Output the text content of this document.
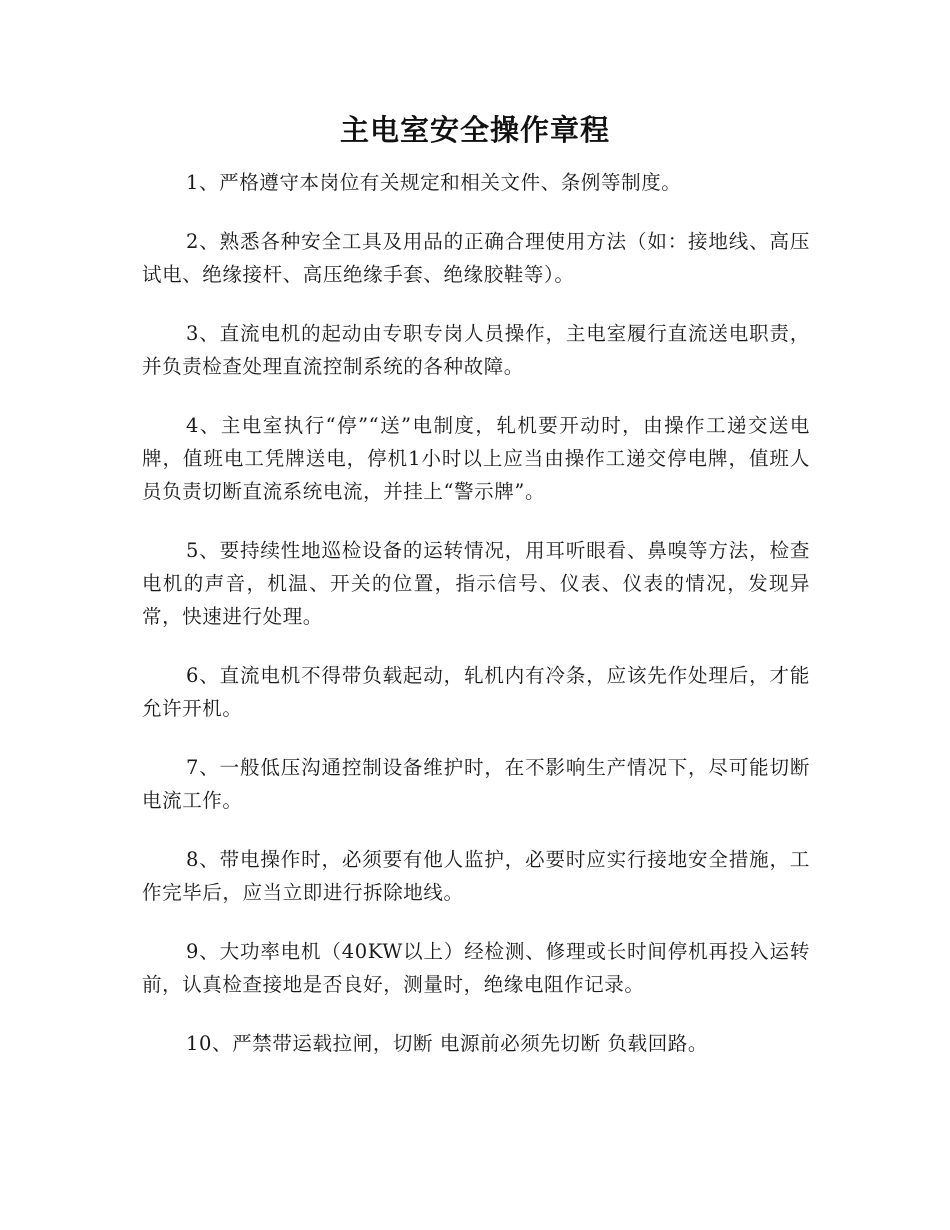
主电室安全操作章程

1、严格遵守本岗位有关规定和相关文件、条例等制度。

2、熟悉各种安全工具及用品的正确合理使用方法（如：接地线、高压试电、绝缘接杆、高压绝缘手套、绝缘胶鞋等）。

3、直流电机的起动由专职专岗人员操作，主电室履行直流送电职责，并负责检查处理直流控制系统的各种故障。

4、主电室执行“停”“送”电制度，轧机要开动时，由操作工递交送电牌，值班电工凭牌送电，停机1小时以上应当由操作工递交停电牌，值班人员负责切断直流系统电流，并挂上“警示牌”。

5、要持续性地巡检设备的运转情况，用耳听眼看、鼻嗅等方法，检查电机的声音，机温、开关的位置，指示信号、仪表、仪表的情况，发现异常，快速进行处理。

6、直流电机不得带负载起动，轧机内有冷条，应该先作处理后，才能允许开机。

7、一般低压沟通控制设备维护时，在不影响生产情况下，尽可能切断电流工作。

8、带电操作时，必须要有他人监护，必要时应实行接地安全措施，工作完毕后，应当立即进行拆除地线。

9、大功率电机（40KW以上）经检测、修理或长时间停机再投入运转前，认真检查接地是否良好，测量时，绝缘电阻作记录。

10、严禁带运载拉闸，切断 电源前必须先切断 负载回路。
